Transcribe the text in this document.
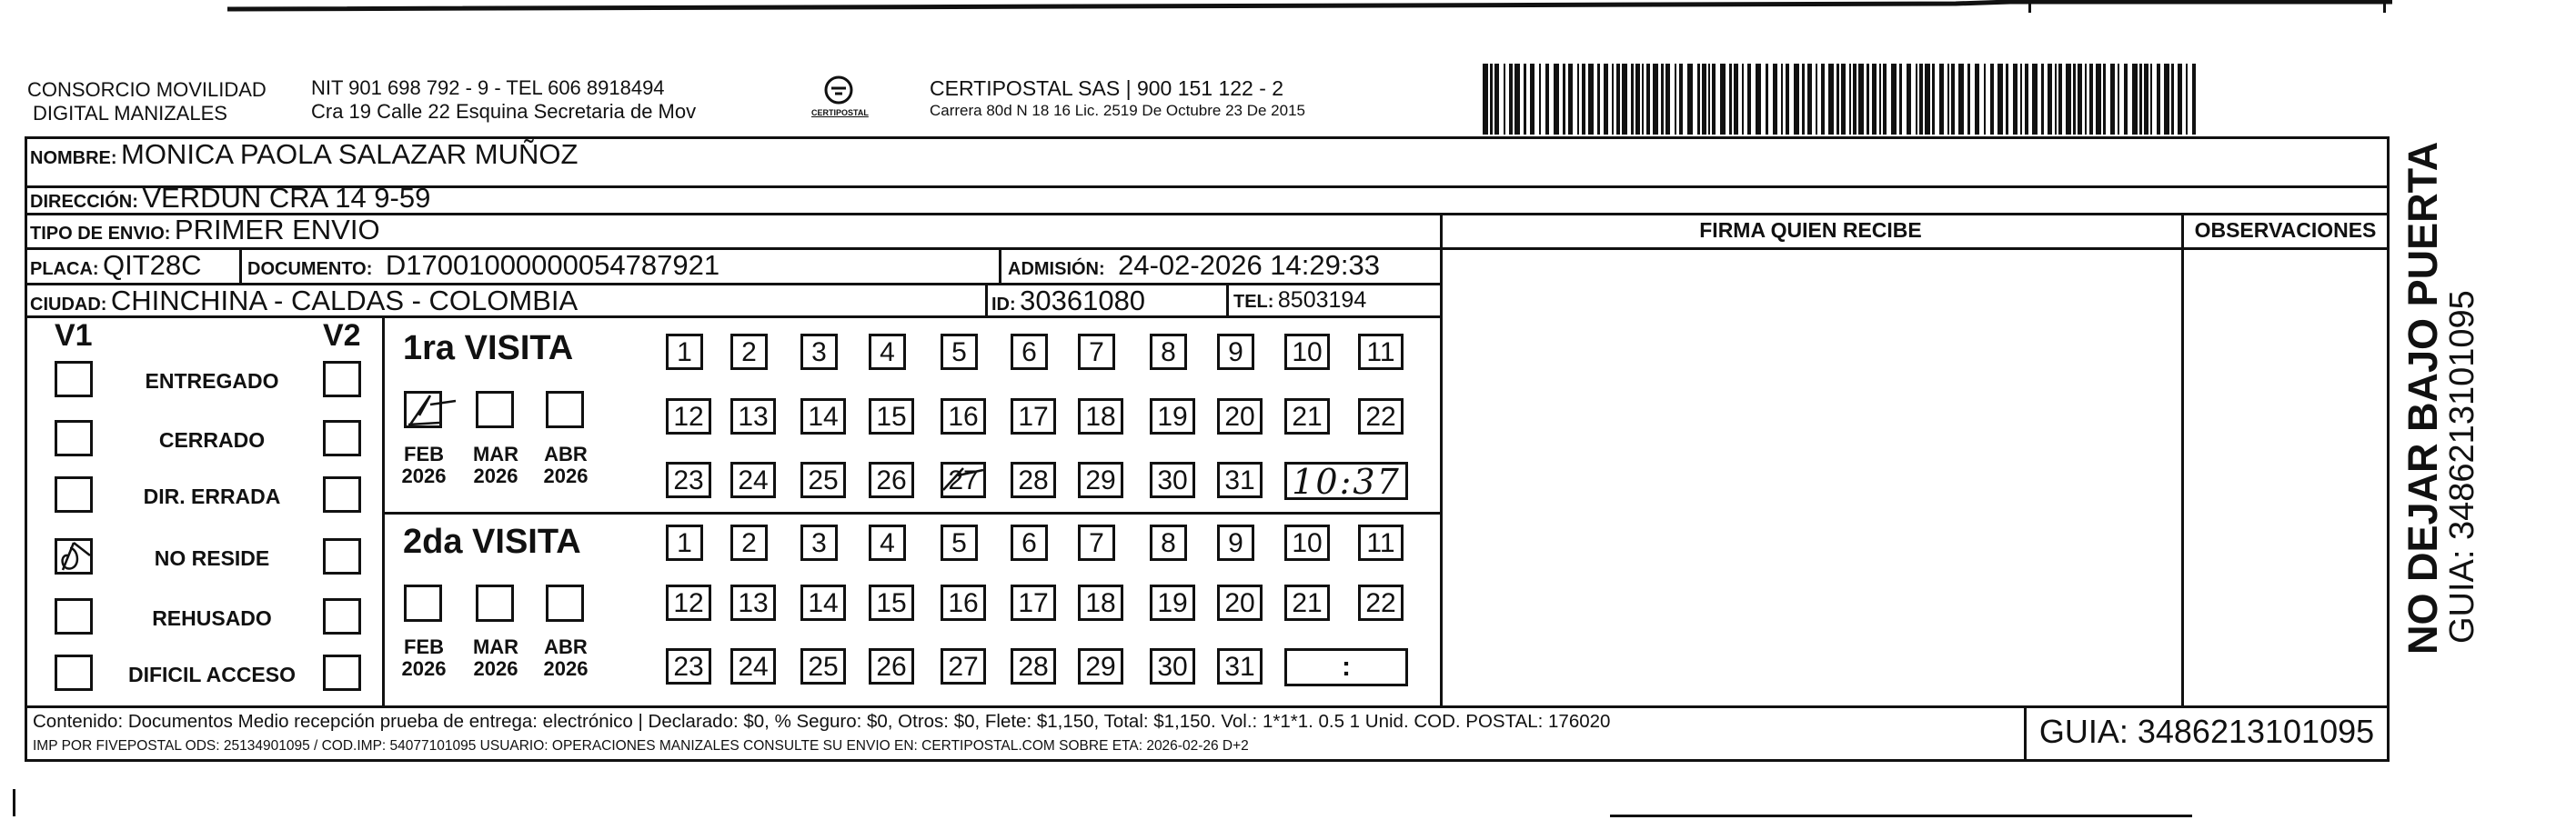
CONSORCIO MOVILIDAD
DIGITAL MANIZALES
NIT 901 698 792 - 9 - TEL 606 8918494
Cra 19 Calle 22 Esquina Secretaria de Mov	CERTIPOSTAL
CERTIPOSTAL SAS | 900 151 122 - 2
Carrera 80d N 18 16 Lic. 2519 De Octubre 23 De 2015
NOMBRE: MONICA PAOLA SALAZAR MUÑOZ
DIRECCIÓN: VERDUN CRA 14 9-59
TIPO DE ENVIO: PRIMER ENVIO	FIRMA QUIEN RECIBE	OBSERVACIONES
PLACA: QIT28C	DOCUMENTO: D17001000000054787921	ADMISIÓN: 24-02-2026 14:29:33
CIUDAD: CHINCHINA - CALDAS - COLOMBIA	ID: 30361080	TEL: 8503194
V1	V2
ENTREGADO
CERRADO
DIR. ERRADA
NO RESIDE
REHUSADO
DIFICIL ACCESO
1ra VISITA
2da VISITA
FEB
2026
MAR
2026
ABR
2026
FEB
2026
MAR
2026
ABR
2026
1	2	3	4	5	6	7	8	9	10	11
12 13 14 15 16 17 18 19 20 21 22
23 24 25 26 27 28 29 30 31 10:37
1	2	3	4	5	6	7	8	9	10	11
12 13 14 15 16 17 18 19 20 21 22
23 24 25 26 27 28 29 30 31	:
Contenido: Documentos Medio recepción prueba de entrega: electrónico | Declarado: $0, % Seguro: $0, Otros: $0, Flete: $1,150, Total: $1,150. Vol.: 1*1*1. 0.5 1 Unid. COD. POSTAL: 176020
IMP POR FIVEPOSTAL ODS: 25134901095 / COD.IMP: 54077101095 USUARIO: OPERACIONES MANIZALES CONSULTE SU ENVIO EN: CERTIPOSTAL.COM SOBRE ETA: 2026-02-26 D+2	GUIA: 3486213101095
NO DEJAR BAJO PUERTA
GUIA: 3486213101095
